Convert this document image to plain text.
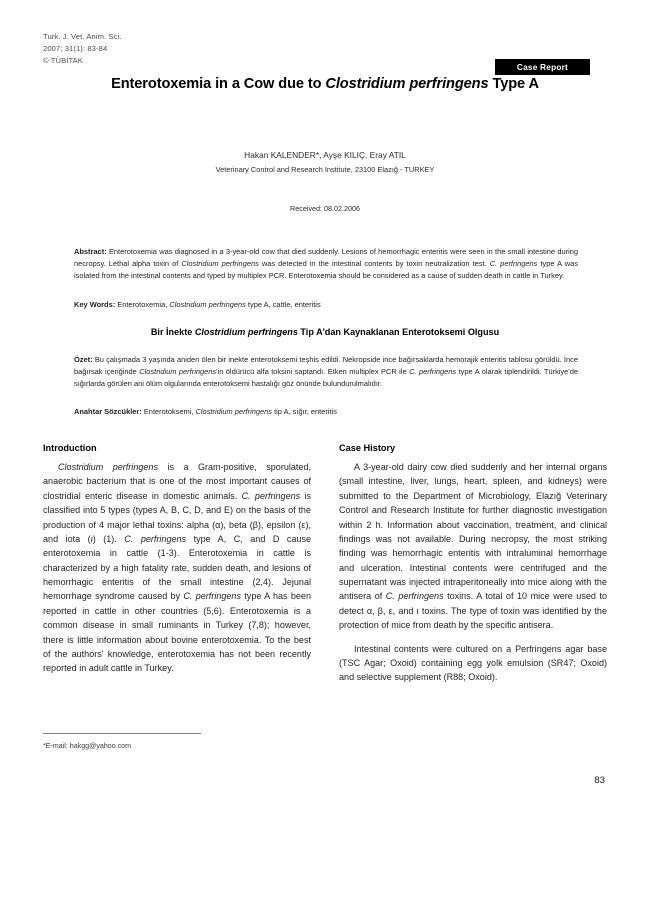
Turk. J. Vet. Anim. Sci.
2007; 31(1): 83-84
© TÜBİTAK
Case Report
Enterotoxemia in a Cow due to Clostridium perfringens Type A
Hakan KALENDER*, Ayşe KILIÇ, Eray ATIL
Veterinary Control and Research Institute, 23100 Elazığ - TURKEY
Received: 08.02.2006
Abstract: Enterotoxemia was diagnosed in a 3-year-old cow that died suddenly. Lesions of hemorrhagic enteritis were seen in the small intestine during necropsy. Lethal alpha toxin of Clostridium perfringens was detected in the intestinal contents by toxin neutralization test. C. perfringens type A was isolated from the intestinal contents and typed by multiplex PCR. Enterotoxemia should be considered as a cause of sudden death in cattle in Turkey.
Key Words: Enterotoxemia, Clostridium perfringens type A, cattle, enteritis
Bir İnekte Clostridium perfringens Tip A'dan Kaynaklanan Enterotoksemi Olgusu
Özet: Bu çalışmada 3 yaşında aniden ölen bir inekte enterotoksemi teşhis edildi. Nekropside ince bağırsaklarda hemorajik enteritis tablosu görüldü. İnce bağırsak içeriğinde Clostridium perfringens'in öldürücü alfa toksini saptandı. Etken multiplex PCR ile C. perfringens type A olarak tiplendirildi. Türkiye'de sığırlarda görülen ani ölüm olgularında enterotoksemi hastalığı göz önünde bulundurulmalıdır.
Anahtar Sözcükler: Enterotoksemi, Clostridium perfringens tip A, sığır, enteritis
Introduction

Clostridium perfringens is a Gram-positive, sporulated, anaerobic bacterium that is one of the most important causes of clostridial enteric disease in domestic animals. C. perfringens is classified into 5 types (types A, B, C, D, and E) on the basis of the production of 4 major lethal toxins: alpha (α), beta (β), epsilon (ε), and iota (ι) (1). C. perfringens type A, C, and D cause enterotoxemia in cattle (1-3). Enterotoxemia in cattle is characterized by a high fatality rate, sudden death, and lesions of hemorrhagic enteritis of the small intestine (2,4). Jejunal hemorrhage syndrome caused by C. perfringens type A has been reported in cattle in other countries (5,6). Enterotoxemia is a common disease in small ruminants in Turkey (7,8); however, there is little information about bovine enterotoxemia. To the best of the authors' knowledge, enterotoxemia has not been recently reported in adult cattle in Turkey.

Case History

A 3-year-old dairy cow died suddenly and her internal organs (small intestine, liver, lungs, heart, spleen, and kidneys) were submitted to the Department of Microbiology, Elazığ Veterinary Control and Research Institute for further diagnostic investigation within 2 h. Information about vaccination, treatment, and clinical findings was not available. During necropsy, the most striking finding was hemorrhagic enteritis with intraluminal hemorrhage and ulceration. Intestinal contents were centrifuged and the supernatant was injected intraperitoneally into mice along with the antisera of C. perfringens toxins. A total of 10 mice were used to detect α, β, ε, and ι toxins. The type of toxin was identified by the protection of mice from death by the specific antisera.

Intestinal contents were cultured on a Perfringens agar base (TSC Agar; Oxoid) containing egg yolk emulsion (SR47; Oxoid) and selective supplement (R88; Oxoid).

*E-mail: hakgg@yahoo.com
83
